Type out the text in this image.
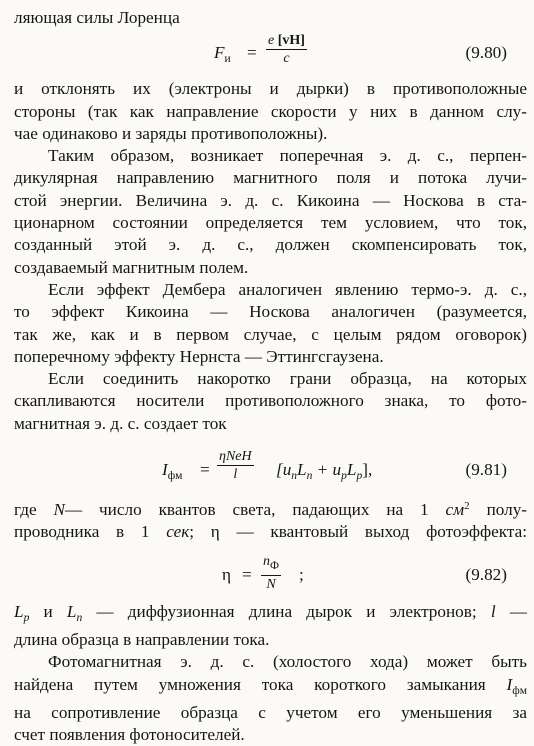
ляющая силы Лоренца
$F_и = \frac{e [vH]}{c}$	(9.80)
и отклонять их (электроны и дырки) в противоположные
стороны (так как направление скорости у них в данном слу-
чае одинаково и заряды противоположны).
Таким образом, возникает поперечная э. д. с., перпен-
дикулярная направлению магнитного поля и потока лучи-
стой энергии. Величина э. д. с. Кикоина — Носкова в ста-
ционарном состоянии определяется тем условием, что ток,
созданный этой э. д. с., должен скомпенсировать ток,
создаваемый магнитным полем.
Если эффект Дембера аналогичен явлению термо-э. д. с.,
то эффект Кикоина — Носкова аналогичен (разумеется,
так же, как и в первом случае, с целым рядом оговорок)
поперечному эффекту Нернста — Эттингсгаузена.
Если соединить накоротко грани образца, на которых
скапливаются носители противоположного знака, то фото-
магнитная э. д. с. создает ток
$I_{фм}$ =
ηNeH
l	$[u_nL_n + u_pL_p]$,	(9.81)
где N— число квантов света, падающих на 1 $см^2$ полу-
проводника в 1 сек; η — квантовый выход фотоэффекта:
η =
$n_Ф$
N
;	(9.82)
$L_p$ и $L_n$ — диффузионная длина дырок и электронов; l —
длина образца в направлении тока.
Фотомагнитная э. д. с. (холостого хода) может быть
найдена путем умножения тока короткого замыкания $I_{фм}$
на сопротивление образца с учетом его уменьшения за
счет появления фотоносителей.
